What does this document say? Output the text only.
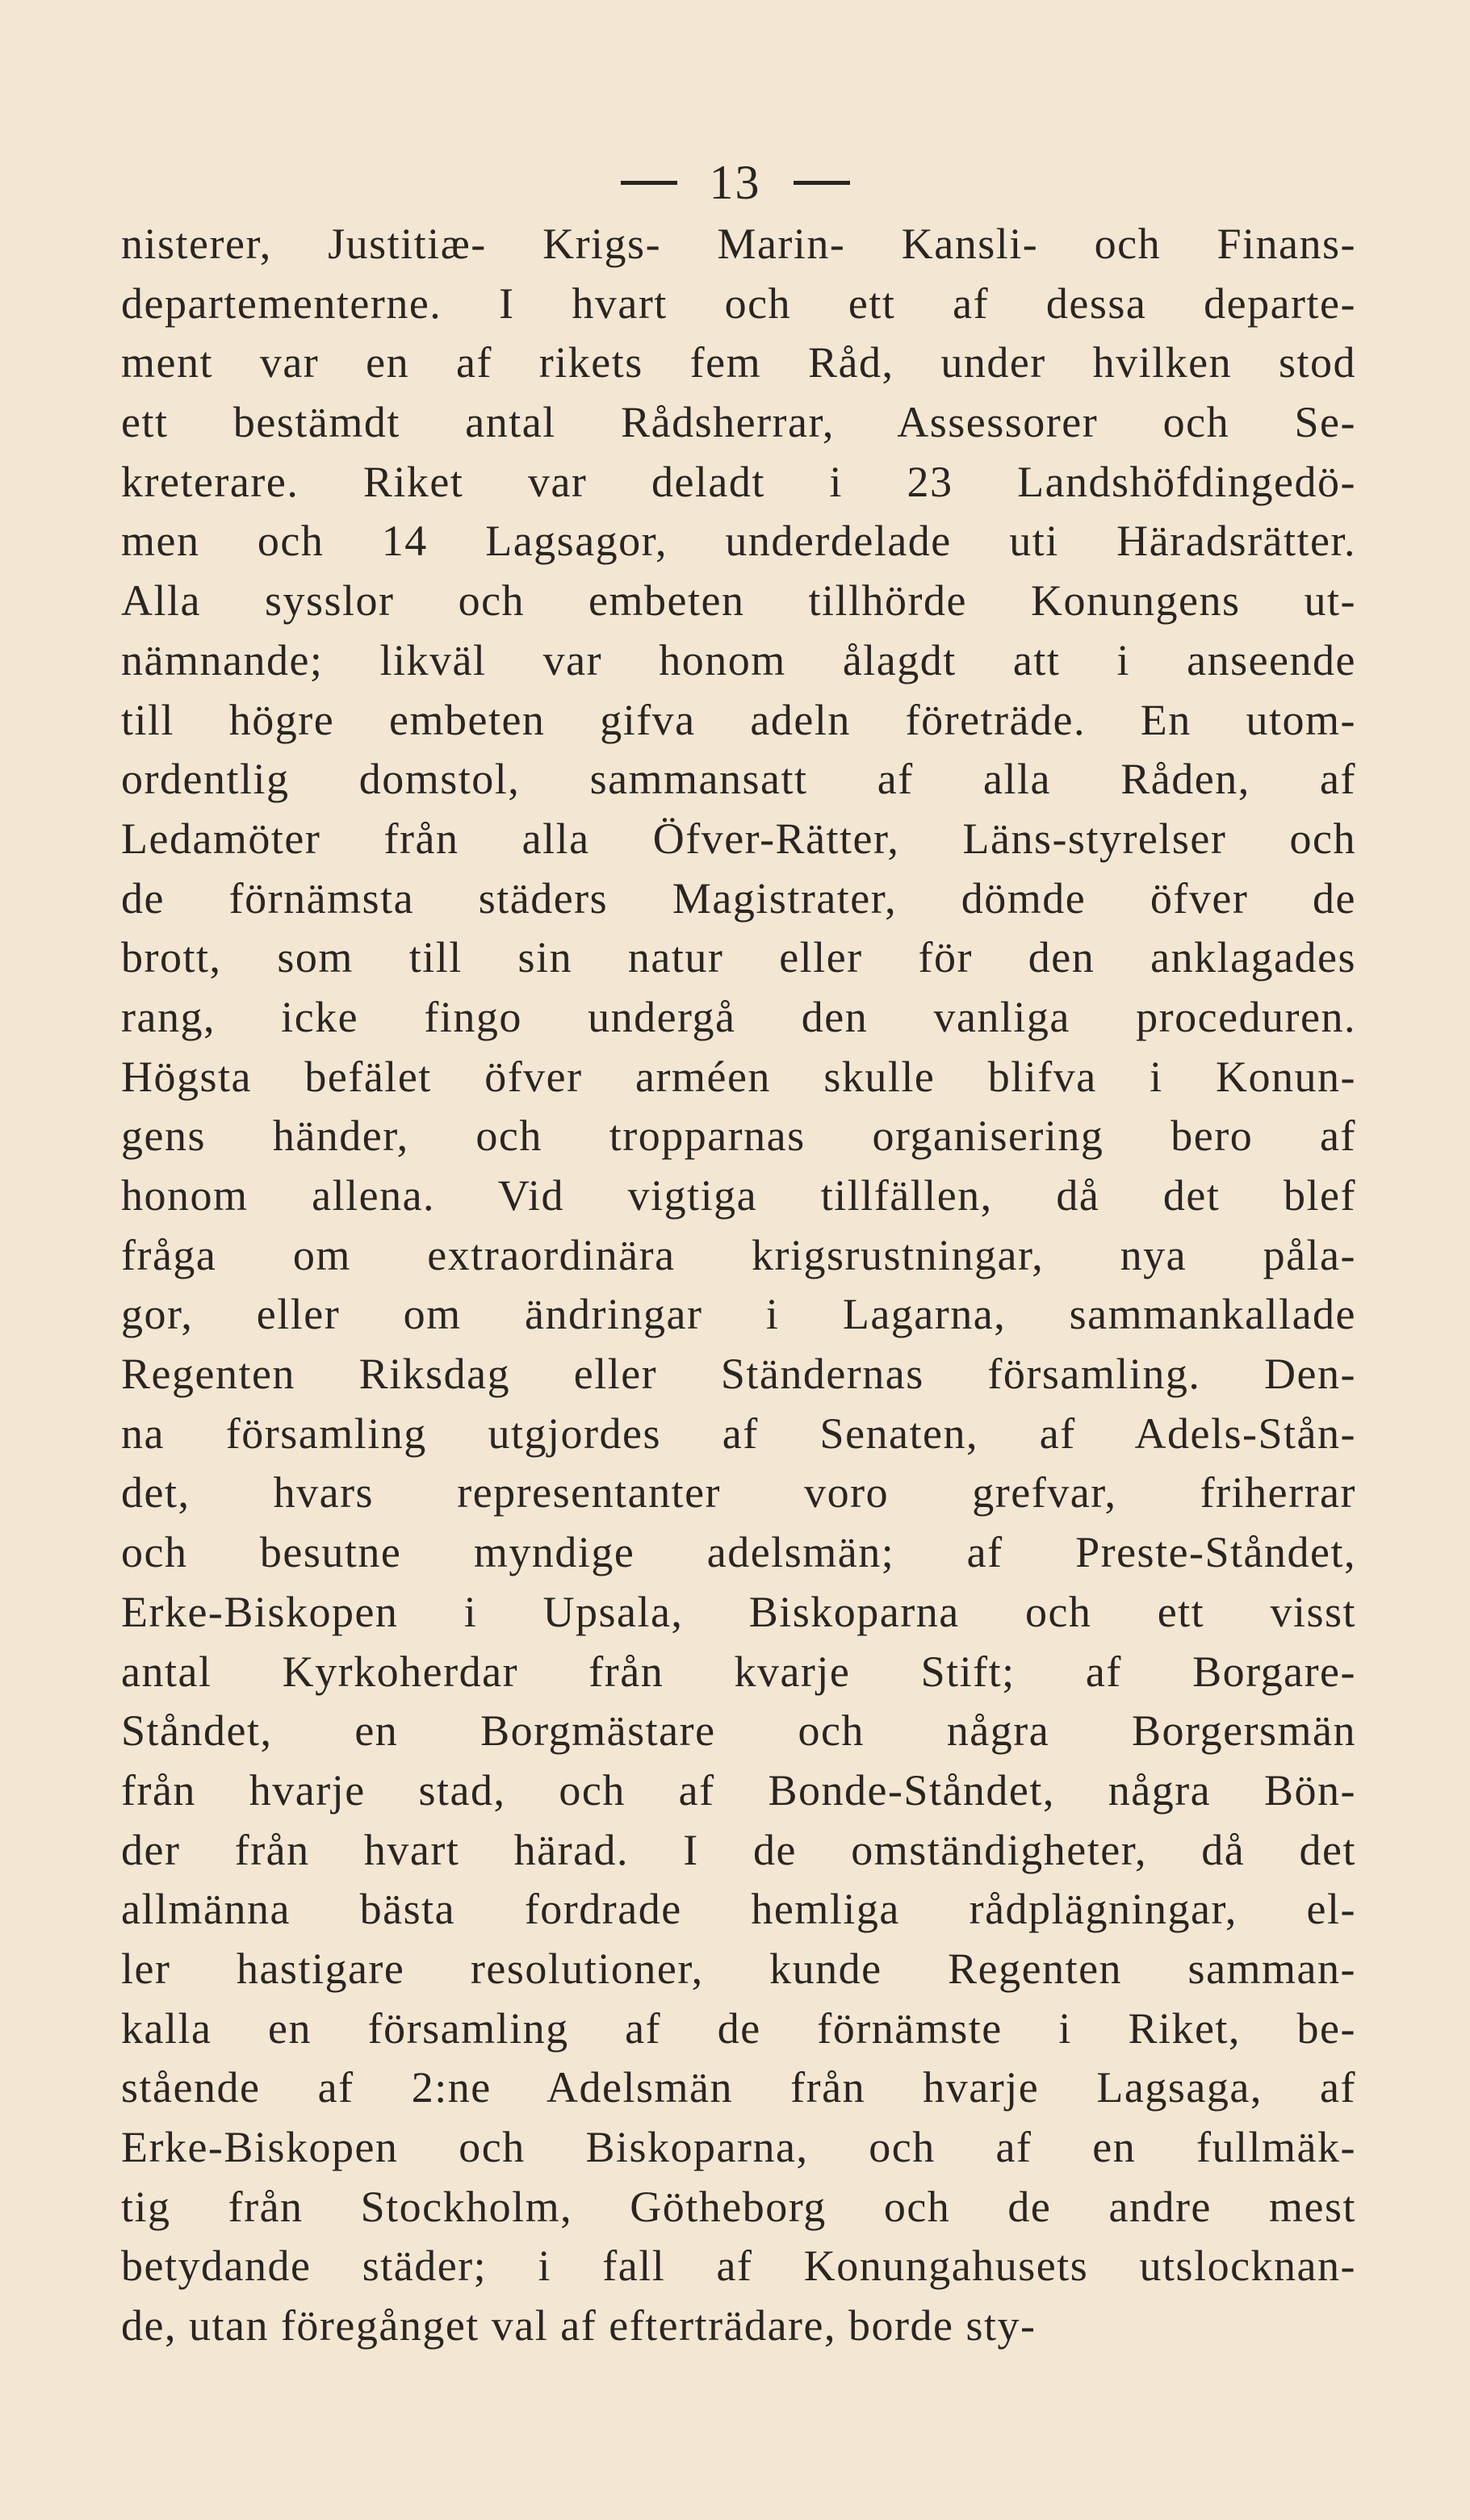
13
nisterer, Justitiæ- Krigs- Marin- Kansli- och Finans-
departementerne. I hvart och ett af dessa departe-
ment var en af rikets fem Råd, under hvilken stod
ett bestämdt antal Rådsherrar, Assessorer och Se-
kreterare. Riket var deladt i 23 Landshöfdingedö-
men och 14 Lagsagor, underdelade uti Häradsrätter.
Alla sysslor och embeten tillhörde Konungens ut-
nämnande; likväl var honom ålagdt att i anseende
till högre embeten gifva adeln företräde. En utom-
ordentlig domstol, sammansatt af alla Råden, af
Ledamöter från alla Öfver-Rätter, Läns-styrelser och
de förnämsta städers Magistrater, dömde öfver de
brott, som till sin natur eller för den anklagades
rang, icke fingo undergå den vanliga proceduren.
Högsta befälet öfver arméen skulle blifva i Konun-
gens händer, och tropparnas organisering bero af
honom allena. Vid vigtiga tillfällen, då det blef
fråga om extraordinära krigsrustningar, nya påla-
gor, eller om ändringar i Lagarna, sammankallade
Regenten Riksdag eller Ständernas församling. Den-
na församling utgjordes af Senaten, af Adels-Stån-
det, hvars representanter voro grefvar, friherrar
och besutne myndige adelsmän; af Preste-Ståndet,
Erke-Biskopen i Upsala, Biskoparna och ett visst
antal Kyrkoherdar från kvarje Stift; af Borgare-
Ståndet, en Borgmästare och några Borgersmän
från hvarje stad, och af Bonde-Ståndet, några Bön-
der från hvart härad. I de omständigheter, då det
allmänna bästa fordrade hemliga rådplägningar, el-
ler hastigare resolutioner, kunde Regenten samman-
kalla en församling af de förnämste i Riket, be-
stående af 2:ne Adelsmän från hvarje Lagsaga, af
Erke-Biskopen och Biskoparna, och af en fullmäk-
tig från Stockholm, Götheborg och de andre mest
betydande städer; i fall af Konungahusets utslocknan-
de, utan föregånget val af efterträdare, borde sty-
